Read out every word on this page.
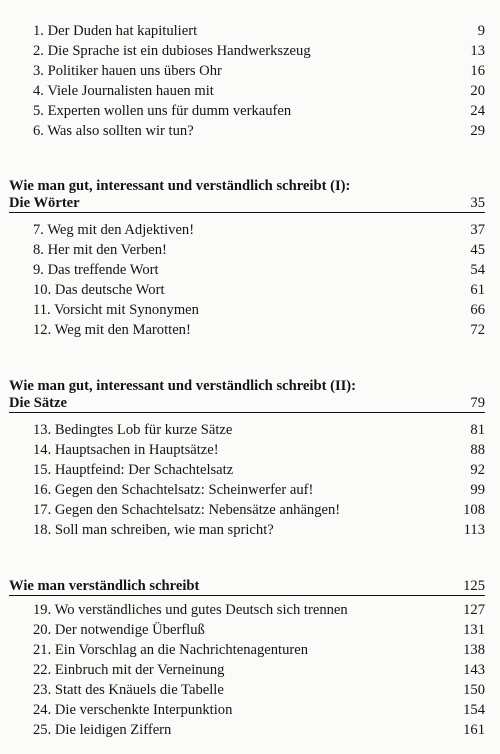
1. Der Duden hat kapituliert	9
2. Die Sprache ist ein dubioses Handwerkszeug	13
3. Politiker hauen uns übers Ohr	16
4. Viele Journalisten hauen mit	20
5. Experten wollen uns für dumm verkaufen	24
6. Was also sollten wir tun?	29
Wie man gut, interessant und verständlich schreibt (I):
Die Wörter	35
7. Weg mit den Adjektiven!	37
8. Her mit den Verben!	45
9. Das treffende Wort	54
10. Das deutsche Wort	61
11. Vorsicht mit Synonymen	66
12. Weg mit den Marotten!	72
Wie man gut, interessant und verständlich schreibt (II):
Die Sätze	79
13. Bedingtes Lob für kurze Sätze	81
14. Hauptsachen in Hauptsätze!	88
15. Hauptfeind: Der Schachtelsatz	92
16. Gegen den Schachtelsatz: Scheinwerfer auf!	99
17. Gegen den Schachtelsatz: Nebensätze anhängen!	108
18. Soll man schreiben, wie man spricht?	113
Wie man verständlich schreibt	125
19. Wo verständliches und gutes Deutsch sich trennen	127
20. Der notwendige Überfluß	131
21. Ein Vorschlag an die Nachrichtenagenturen	138
22. Einbruch mit der Verneinung	143
23. Statt des Knäuels die Tabelle	150
24. Die verschenkte Interpunktion	154
25. Die leidigen Ziffern	161
